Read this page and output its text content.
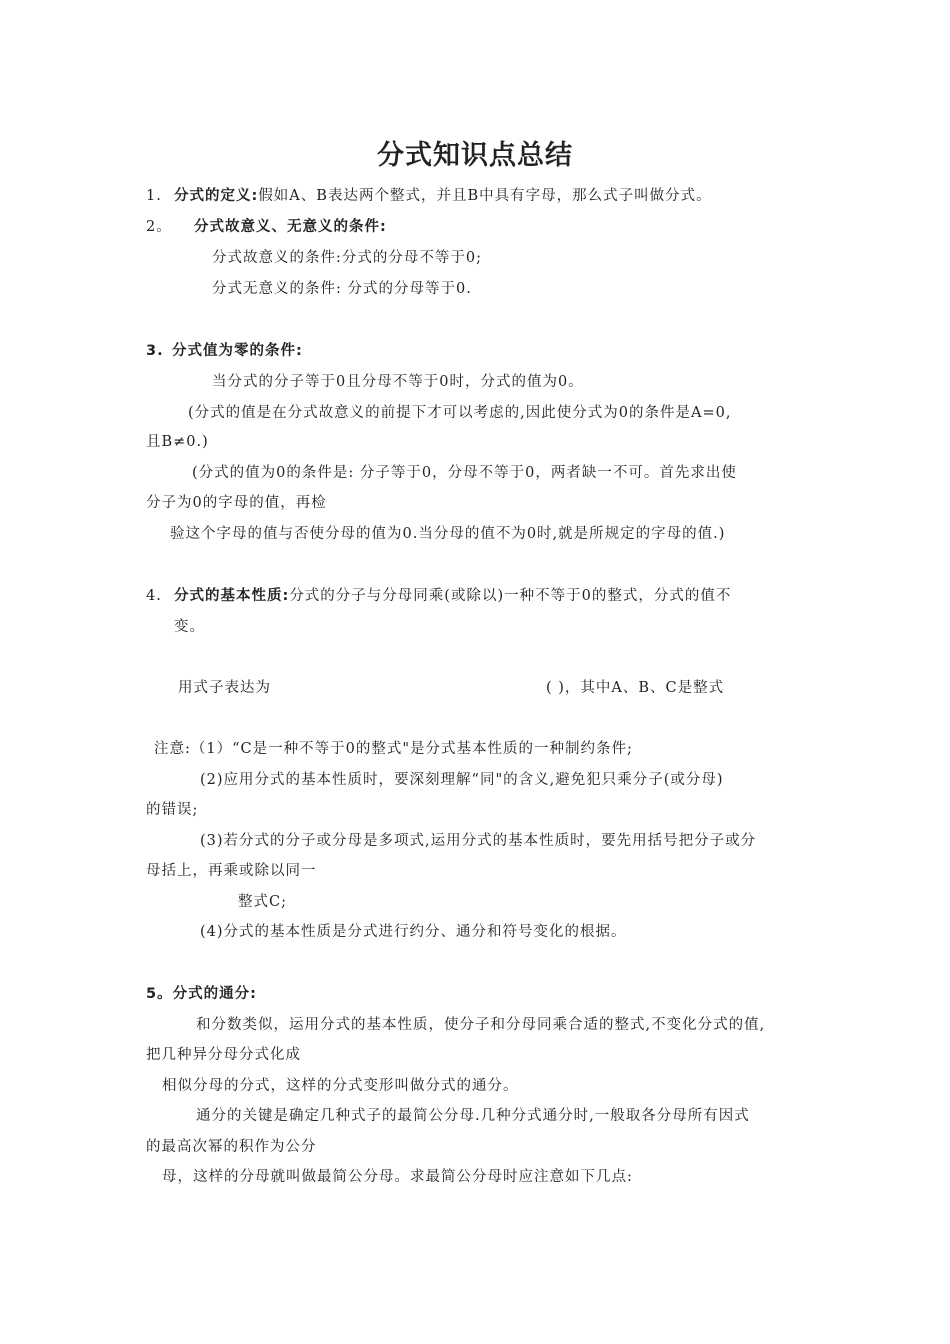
分式知识点总结
1. 分式的定义:假如A、B表达两个整式，并且B中具有字母，那么式子叫做分式。
2。 分式故意义、无意义的条件:
分式故意义的条件:分式的分母不等于0;
分式无意义的条件: 分式的分母等于0.
3. 分式值为零的条件:
当分式的分子等于0且分母不等于0时，分式的值为0。
(分式的值是在分式故意义的前提下才可以考虑的,因此使分式为0的条件是A=0,
且B≠0.)
(分式的值为0的条件是: 分子等于0，分母不等于0，两者缺一不可。首先求出使
分子为0的字母的值，再检
验这个字母的值与否使分母的值为0.当分母的值不为0时,就是所规定的字母的值.)
4. 分式的基本性质:分式的分子与分母同乘(或除以)一种不等于0的整式，分式的值不
变。
用式子表达为	( )，其中A、B、C是整式
注意:（1）“C是一种不等于0的整式"是分式基本性质的一种制约条件;
(2)应用分式的基本性质时，要深刻理解“同"的含义,避免犯只乘分子(或分母)
的错误;
(3)若分式的分子或分母是多项式,运用分式的基本性质时，要先用括号把分子或分
母括上，再乘或除以同一
整式C;
(4)分式的基本性质是分式进行约分、通分和符号变化的根据。
5。分式的通分:
和分数类似，运用分式的基本性质，使分子和分母同乘合适的整式,不变化分式的值,
把几种异分母分式化成
相似分母的分式，这样的分式变形叫做分式的通分。
通分的关键是确定几种式子的最简公分母.几种分式通分时,一般取各分母所有因式
的最高次幂的积作为公分
母，这样的分母就叫做最简公分母。求最简公分母时应注意如下几点:
